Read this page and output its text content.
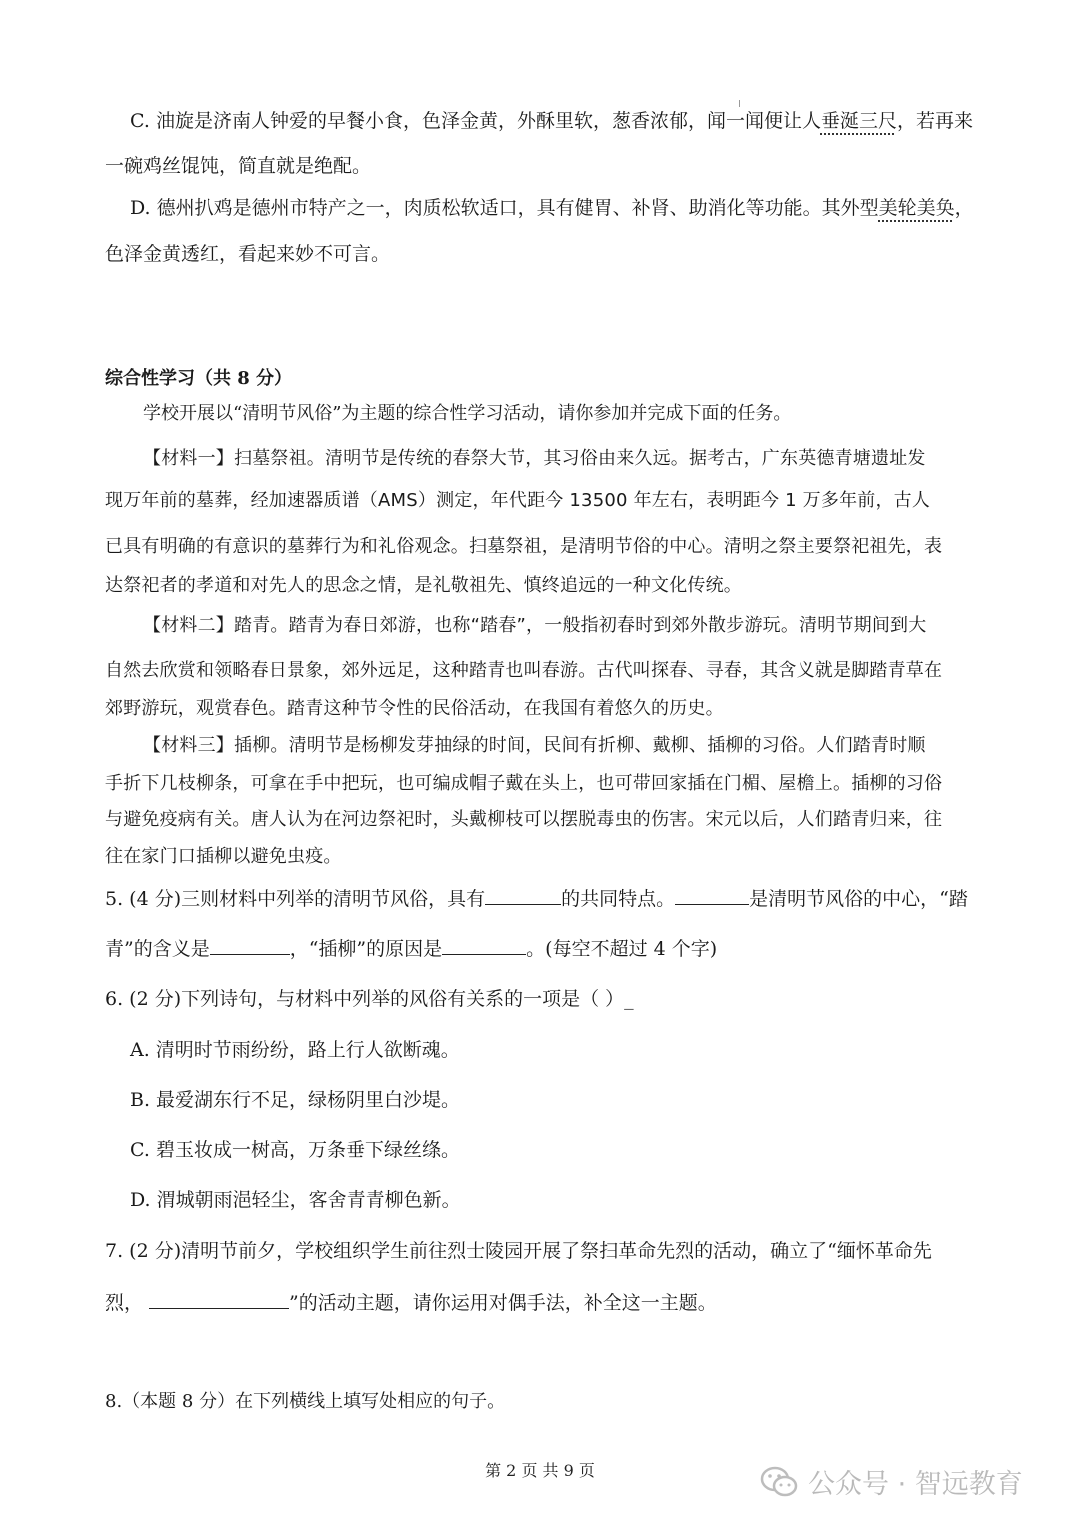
C. 油旋是济南人钟爱的早餐小食，色泽金黄，外酥里软，葱香浓郁，闻一闻便让人垂涎三尺，若再来
一碗鸡丝馄饨，简直就是绝配。
D. 德州扒鸡是德州市特产之一，肉质松软适口，具有健胃、补肾、助消化等功能。其外型美轮美奂，
色泽金黄透红，看起来妙不可言。
综合性学习（共 8 分）
学校开展以“清明节风俗”为主题的综合性学习活动，请你参加并完成下面的任务。
【材料一】扫墓祭祖。清明节是传统的春祭大节，其习俗由来久远。据考古，广东英德青塘遗址发
现万年前的墓葬，经加速器质谱（AMS）测定，年代距今 13500 年左右，表明距今 1 万多年前，古人
已具有明确的有意识的墓葬行为和礼俗观念。扫墓祭祖，是清明节俗的中心。清明之祭主要祭祀祖先，表
达祭祀者的孝道和对先人的思念之情，是礼敬祖先、慎终追远的一种文化传统。
【材料二】踏青。踏青为春日郊游，也称“踏春”，一般指初春时到郊外散步游玩。清明节期间到大
自然去欣赏和领略春日景象，郊外远足，这种踏青也叫春游。古代叫探春、寻春，其含义就是脚踏青草在
郊野游玩，观赏春色。踏青这种节令性的民俗活动，在我国有着悠久的历史。
【材料三】插柳。清明节是杨柳发芽抽绿的时间，民间有折柳、戴柳、插柳的习俗。人们踏青时顺
手折下几枝柳条，可拿在手中把玩，也可编成帽子戴在头上，也可带回家插在门楣、屋檐上。插柳的习俗
与避免疫病有关。唐人认为在河边祭祀时，头戴柳枝可以摆脱毒虫的伤害。宋元以后，人们踏青归来，往
往在家门口插柳以避免虫疫。
5. (4 分)三则材料中列举的清明节风俗，具有	的共同特点。	是清明节风俗的中心，“踏
青”的含义是	，“插柳”的原因是	。(每空不超过 4 个字)
6. (2 分)下列诗句，与材料中列举的风俗有关系的一项是（ ）_
A. 清明时节雨纷纷，路上行人欲断魂。
B. 最爱湖东行不足，绿杨阴里白沙堤。
C. 碧玉妆成一树高，万条垂下绿丝绦。
D. 渭城朝雨浥轻尘，客舍青青柳色新。
7. (2 分)清明节前夕，学校组织学生前往烈士陵园开展了祭扫革命先烈的活动，确立了“缅怀革命先
烈，	”的活动主题，请你运用对偶手法，补全这一主题。
8.（本题 8 分）在下列横线上填写处相应的句子。
第 2 页 共 9 页	公众号 · 智远教育
